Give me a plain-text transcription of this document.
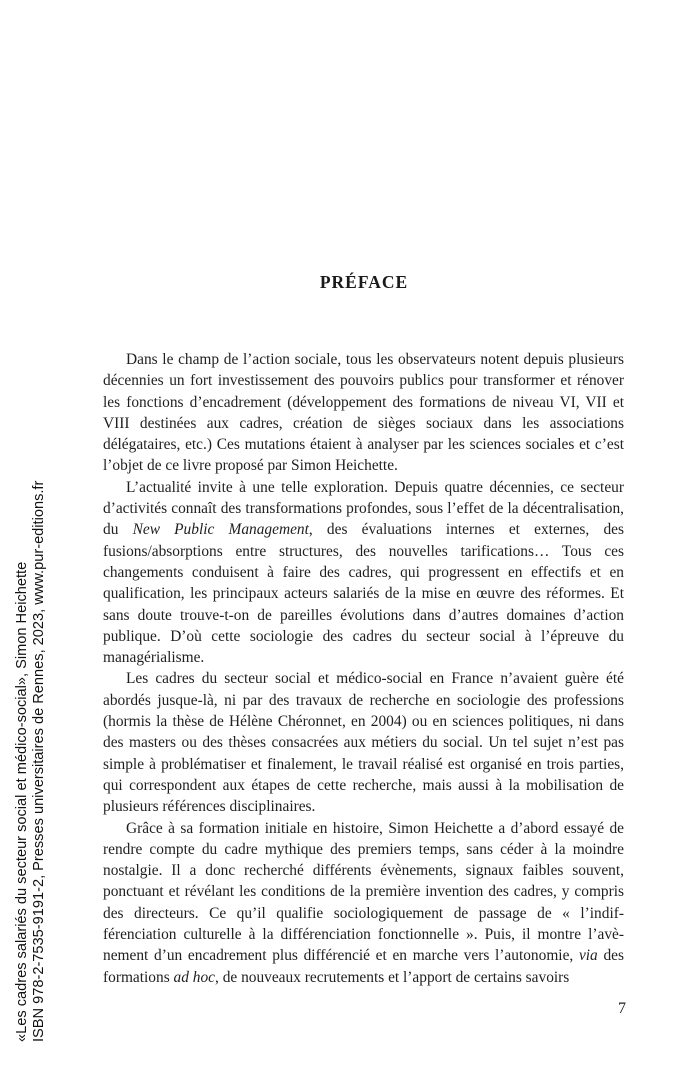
«Les cadres salariés du secteur social et médico-social», Simon Heichette ISBN 978-2-7535-9191-2, Presses universitaires de Rennes, 2023, www.pur-editions.fr
PRÉFACE

Dans le champ de l’action sociale, tous les observateurs notent depuis plusieurs décennies un fort investissement des pouvoirs publics pour transformer et rénover les fonctions d’encadrement (développement des formations de niveau VI, VII et VIII destinées aux cadres, création de sièges sociaux dans les associations délégataires, etc.) Ces mutations étaient à analyser par les sciences sociales et c’est l’objet de ce livre proposé par Simon Heichette.

L’actualité invite à une telle exploration. Depuis quatre décennies, ce secteur d’activités connaît des transformations profondes, sous l’effet de la décentralisation, du New Public Management, des évaluations internes et externes, des fusions/absorptions entre structures, des nouvelles tarifications… Tous ces changements conduisent à faire des cadres, qui progressent en effectifs et en qualification, les principaux acteurs salariés de la mise en œuvre des réformes. Et sans doute trouve-t-on de pareilles évolutions dans d’autres domaines d’action publique. D’où cette sociologie des cadres du secteur social à l’épreuve du managérialisme.

Les cadres du secteur social et médico-social en France n’avaient guère été abordés jusque-là, ni par des travaux de recherche en sociologie des professions (hormis la thèse de Hélène Chéronnet, en 2004) ou en sciences politiques, ni dans des masters ou des thèses consacrées aux métiers du social. Un tel sujet n’est pas simple à problématiser et finalement, le travail réalisé est organisé en trois parties, qui correspondent aux étapes de cette recherche, mais aussi à la mobilisation de plusieurs références disciplinaires.

Grâce à sa formation initiale en histoire, Simon Heichette a d’abord essayé de rendre compte du cadre mythique des premiers temps, sans céder à la moindre nostalgie. Il a donc recherché différents évènements, signaux faibles souvent, ponctuant et révélant les conditions de la première invention des cadres, y compris des directeurs. Ce qu’il qualifie sociologiquement de passage de « l’indifférenciation culturelle à la différenciation fonctionnelle ». Puis, il montre l’avènement d’un encadrement plus différencié et en marche vers l’autonomie, via des formations ad hoc, de nouveaux recrutements et l’apport de certains savoirs

7
